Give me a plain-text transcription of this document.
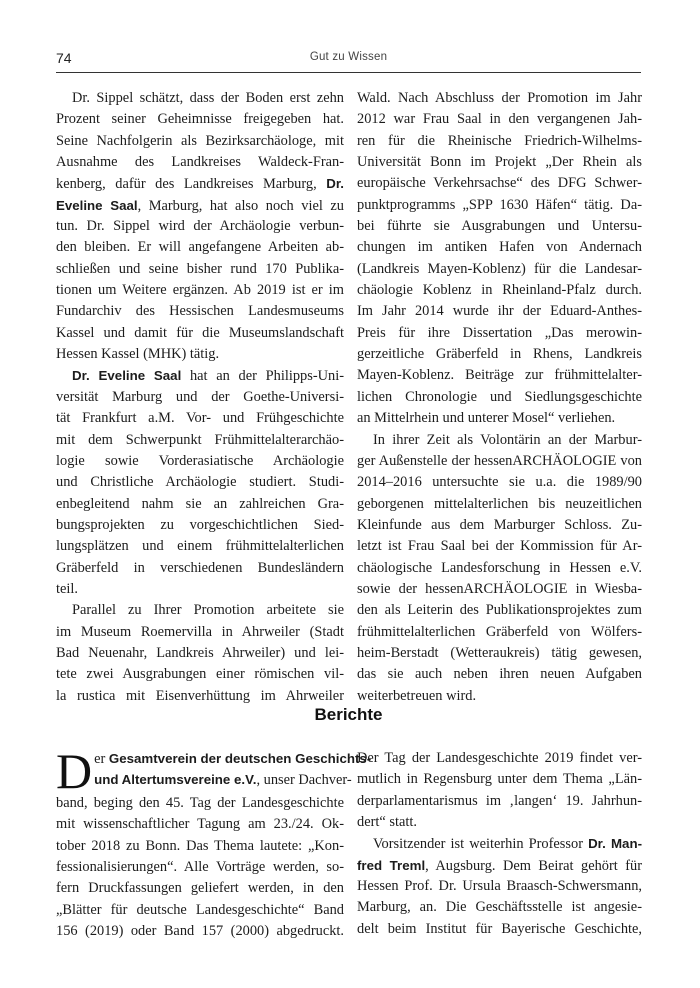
74	Gut zu Wissen
Dr. Sippel schätzt, dass der Boden erst zehn
Prozent seiner Geheimnisse freigegeben hat.
Seine Nachfolgerin als Bezirksarchäologe, mit
Ausnahme des Landkreises Waldeck-Fran-
kenberg, dafür des Landkreises Marburg, Dr.
Eveline Saal, Marburg, hat also noch viel zu
tun. Dr. Sippel wird der Archäologie verbun-
den bleiben. Er will angefangene Arbeiten ab-
schließen und seine bisher rund 170 Publika-
tionen um Weitere ergänzen. Ab 2019 ist er im
Fundarchiv des Hessischen Landesmuseums
Kassel und damit für die Museumslandschaft
Hessen Kassel (MHK) tätig.
Dr. Eveline Saal hat an der Philipps-Uni-
versität Marburg und der Goethe-Universi-
tät Frankfurt a.M. Vor- und Frühgeschichte
mit dem Schwerpunkt Frühmittelalterarchäo-
logie sowie Vorderasiatische Archäologie
und Christliche Archäologie studiert. Studi-
enbegleitend nahm sie an zahlreichen Gra-
bungsprojekten zu vorgeschichtlichen Sied-
lungsplätzen und einem frühmittelalterlichen
Gräberfeld in verschiedenen Bundesländern
teil.
Parallel zu Ihrer Promotion arbeitete sie
im Museum Roemervilla in Ahrweiler (Stadt
Bad Neuenahr, Landkreis Ahrweiler) und lei-
tete zwei Ausgrabungen einer römischen vil-
la rustica mit Eisenverhüttung im Ahrweiler
Wald. Nach Abschluss der Promotion im Jahr
2012 war Frau Saal in den vergangenen Jah-
ren für die Rheinische Friedrich-Wilhelms-
Universität Bonn im Projekt „Der Rhein als
europäische Verkehrsachse“ des DFG Schwer-
punktprogramms „SPP 1630 Häfen“ tätig. Da-
bei führte sie Ausgrabungen und Untersu-
chungen im antiken Hafen von Andernach
(Landkreis Mayen-Koblenz) für die Landesar-
chäologie Koblenz in Rheinland-Pfalz durch.
Im Jahr 2014 wurde ihr der Eduard-Anthes-
Preis für ihre Dissertation „Das merowin-
gerzeitliche Gräberfeld in Rhens, Landkreis
Mayen-Koblenz. Beiträge zur frühmittelalter-
lichen Chronologie und Siedlungsgeschichte
an Mittelrhein und unterer Mosel“ verliehen.
In ihrer Zeit als Volontärin an der Marbur-
ger Außenstelle der hessenARCHÄOLOGIE von
2014–2016 untersuchte sie u.a. die 1989/90
geborgenen mittelalterlichen bis neuzeitlichen
Kleinfunde aus dem Marburger Schloss. Zu-
letzt ist Frau Saal bei der Kommission für Ar-
chäologische Landesforschung in Hessen e.V.
sowie der hessenARCHÄOLOGIE in Wiesba-
den als Leiterin des Publikationsprojektes zum
frühmittelalterlichen Gräberfeld von Wölfers-
heim-Berstadt (Wetteraukreis) tätig gewesen,
das sie auch neben ihren neuen Aufgaben
weiterbetreuen wird.
Berichte
D er Gesamtverein der deutschen Geschichts-
und Altertumsvereine e.V., unser Dachver-
band, beging den 45. Tag der Landesgeschichte
mit wissenschaftlicher Tagung am 23./24. Ok-
tober 2018 zu Bonn. Das Thema lautete: „Kon-
fessionalisierungen“. Alle Vorträge werden, so-
fern Druckfassungen geliefert werden, in den
„Blätter für deutsche Landesgeschichte“ Band
156 (2019) oder Band 157 (2000) abgedruckt.
Der Tag der Landesgeschichte 2019 findet ver-
mutlich in Regensburg unter dem Thema „Län-
derparlamentarismus im ‚langen‘ 19. Jahrhun-
dert“ statt.
Vorsitzender ist weiterhin Professor Dr. Man-
fred Treml, Augsburg. Dem Beirat gehört für
Hessen Prof. Dr. Ursula Braasch-Schwersmann,
Marburg, an. Die Geschäftsstelle ist angesie-
delt beim Institut für Bayerische Geschichte,
